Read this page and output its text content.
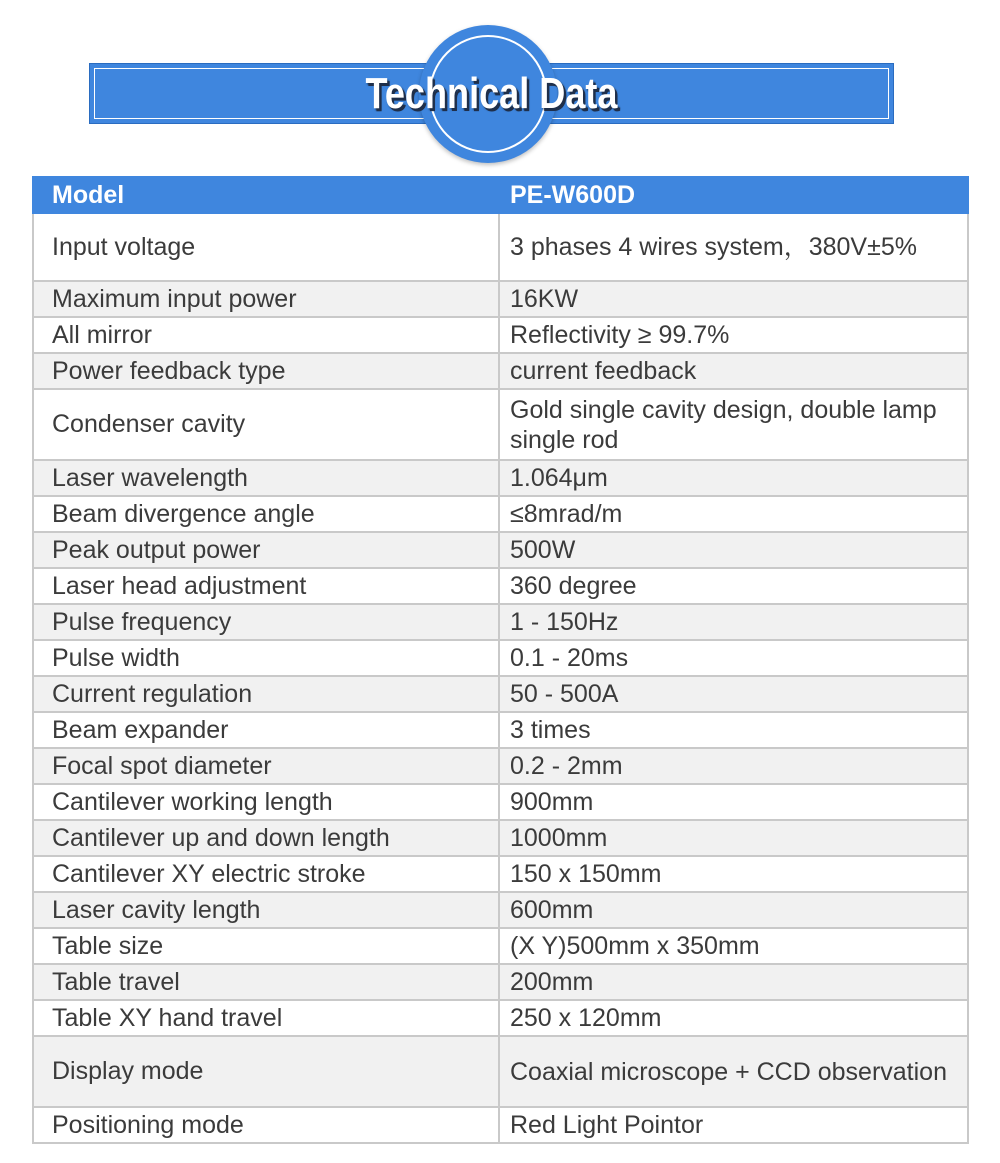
Technical Data
Model	PE-W600D
Input voltage	3 phases 4 wires system，380V±5%
Maximum input power	16KW
All mirror	Reflectivity ≥ 99.7%
Power feedback type	current feedback
Condenser cavity	Gold single cavity design, double lamp single rod
Laser wavelength	1.064μm
Beam divergence angle	≤8mrad/m
Peak output power	500W
Laser head adjustment	360 degree
Pulse frequency	1 - 150Hz
Pulse width	0.1 - 20ms
Current regulation	50 - 500A
Beam expander	3 times
Focal spot diameter	0.2 - 2mm
Cantilever working length	900mm
Cantilever up and down length	1000mm
Cantilever XY electric stroke	150 x 150mm
Laser cavity length	600mm
Table size	(X Y)500mm x 350mm
Table travel	200mm
Table XY hand travel	250 x 120mm
Display mode	Coaxial microscope + CCD observation
Positioning mode	Red Light Pointor
